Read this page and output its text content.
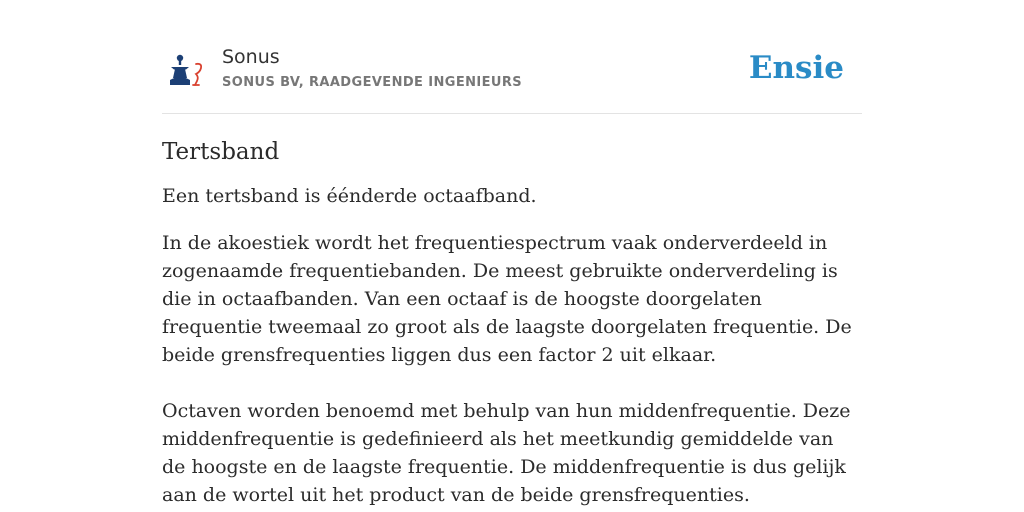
Sonus
SONUS BV, RAADGEVENDE INGENIEURS	Ensie
Tertsband

Een tertsband is éénderde octaafband.

In de akoestiek wordt het frequentiespectrum vaak onderverdeeld in zogenaamde frequentiebanden. De meest gebruikte onderverdeling is die in octaafbanden. Van een octaaf is de hoogste doorgelaten frequentie tweemaal zo groot als de laagste doorgelaten frequentie. De beide grensfrequenties liggen dus een factor 2 uit elkaar.

Octaven worden benoemd met behulp van hun middenfrequentie. Deze middenfrequentie is gedefinieerd als het meetkundig gemiddelde van de hoogste en de laagste frequentie. De middenfrequentie is dus gelijk aan de wortel uit het product van de beide grensfrequenties.
